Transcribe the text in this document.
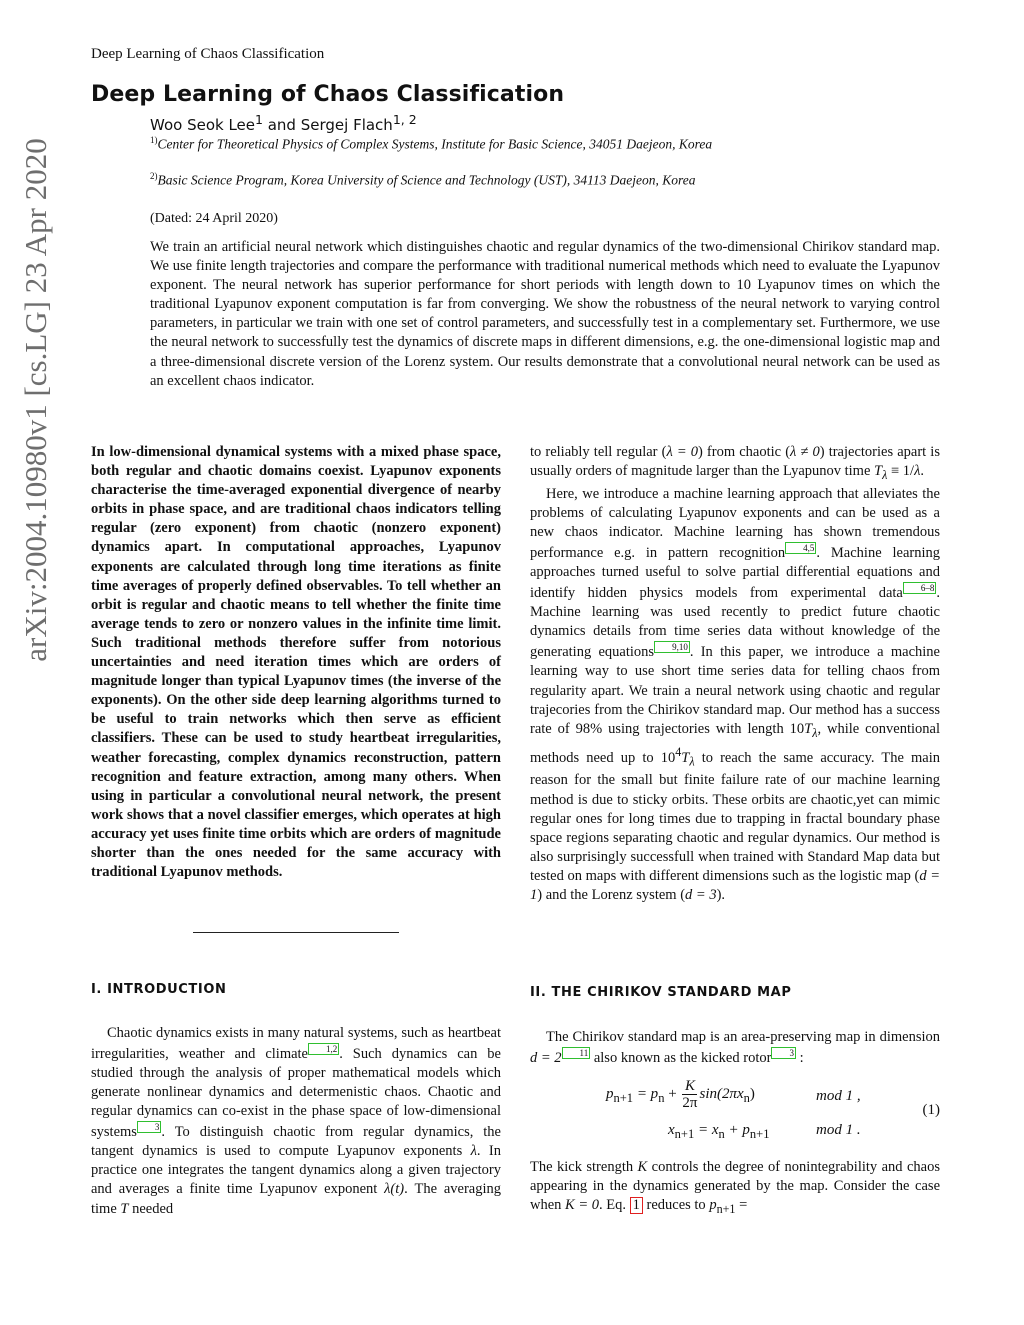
Deep Learning of Chaos Classification
Deep Learning of Chaos Classification
Woo Seok Lee$^1$ and Sergej Flach$^{1, 2}$
$^{1)}$Center for Theoretical Physics of Complex Systems, Institute for Basic Science, 34051 Daejeon, Korea
$^{2)}$Basic Science Program, Korea University of Science and Technology (UST), 34113 Daejeon, Korea
(Dated: 24 April 2020)
We train an artificial neural network which distinguishes chaotic and regular dynamics of the two-dimensional Chirikov standard map. We use finite length trajectories and compare the performance with traditional numerical methods which need to evaluate the Lyapunov exponent. The neural network has superior performance for short periods with length down to 10 Lyapunov times on which the traditional Lyapunov exponent computation is far from converging. We show the robustness of the neural network to varying control parameters, in particular we train with one set of control parameters, and successfully test in a complementary set. Furthermore, we use the neural network to successfully test the dynamics of discrete maps in different dimensions, e.g. the one-dimensional logistic map and a three-dimensional discrete version of the Lorenz system. Our results demonstrate that a convolutional neural network can be used as an excellent chaos indicator.
arXiv:2004.10980v1 [cs.LG] 23 Apr 2020	In low-dimensional dynamical systems with a mixed phase space, both regular and chaotic domains coexist. Lyapunov exponents characterise the time-averaged exponential divergence of nearby orbits in phase space, and are traditional chaos indicators telling regular (zero exponent) from chaotic (nonzero exponent) dynamics apart. In computational approaches, Lyapunov exponents are calculated through long time iterations as finite time averages of properly defined observables. To tell whether an orbit is regular and chaotic means to tell whether the finite time average tends to zero or nonzero values in the infinite time limit. Such traditional methods therefore suffer from notorious uncertainties and need iteration times which are orders of magnitude longer than typical Lyapunov times (the inverse of the exponents). On the other side deep learning algorithms turned to be useful to train networks which then serve as efficient classifiers. These can be used to study heartbeat irregularities, weather forecasting, complex dynamics reconstruction, pattern recognition and feature extraction, among many others. When using in particular a convolutional neural network, the present work shows that a novel classifier emerges, which operates at high accuracy yet uses finite time orbits which are orders of magnitude shorter than the ones needed for the same accuracy with traditional Lyapunov methods.
to reliably tell regular (λ = 0) from chaotic (λ ≠ 0) trajectories apart is usually orders of magnitude larger than the Lyapunov time $T_\lambda \equiv 1/\lambda$.
Here, we introduce a machine learning approach that alleviates the problems of calculating Lyapunov exponents and can be used as a new chaos indicator. Machine learning has shown tremendous performance e.g. in pattern recognition 4,5 . Machine learning approaches turned useful to solve partial differential equations and identify hidden physics models from experimental data 6–8 . Machine learning was used recently to predict future chaotic dynamics details from time series data without knowledge of the generating equations 9,10 . In this paper, we introduce a machine learning way to use short time series data for telling chaos from regularity apart. We train a neural network using chaotic and regular trajecories from the Chirikov standard map. Our method has a success rate of 98% using trajectories with length $10T_\lambda$, while conventional methods need up to $10^4T_\lambda$ to reach the same accuracy. The main reason for the small but finite failure rate of our machine learning method is due to sticky orbits. These orbits are chaotic,yet can mimic regular ones for long times due to trapping in fractal boundary phase space regions separating chaotic and regular dynamics. Our method is also surprisingly successfull when trained with Standard Map data but tested on maps with different dimensions such as the logistic map (d = 1) and the Lorenz system (d = 3).
I. INTRODUCTION	II. THE CHIRIKOV STANDARD MAP
Chaotic dynamics exists in many natural systems, such as heartbeat irregularities, weather and climate 1,2 . Such dynamics can be studied through the analysis of proper mathematical models which generate nonlinear dynamics and determenistic chaos. Chaotic and regular dynamics can co-exist in the phase space of low-dimensional systems 3 . To distinguish chaotic from regular dynamics, the tangent dynamics is used to compute Lyapunov exponents λ. In practice one integrates the tangent dynamics along a given trajectory and averages a finite time Lyapunov exponent λ(t). The averaging time T needed
The Chirikov standard map is an area-preserving map in dimension d = 2 11 also known as the kicked rotor 3 :
$p_{n+1} = p_n + \frac{K}{2\pi} \sin(2\pi x_n)$	mod 1 ,
$x_{n+1} = x_n + p_{n+1}$	mod 1 .
(1)
The kick strength K controls the degree of nonintegrability and chaos appearing in the dynamics generated by the map. Consider the case when K = 0. Eq. 1 reduces to $p_{n+1}$ =
